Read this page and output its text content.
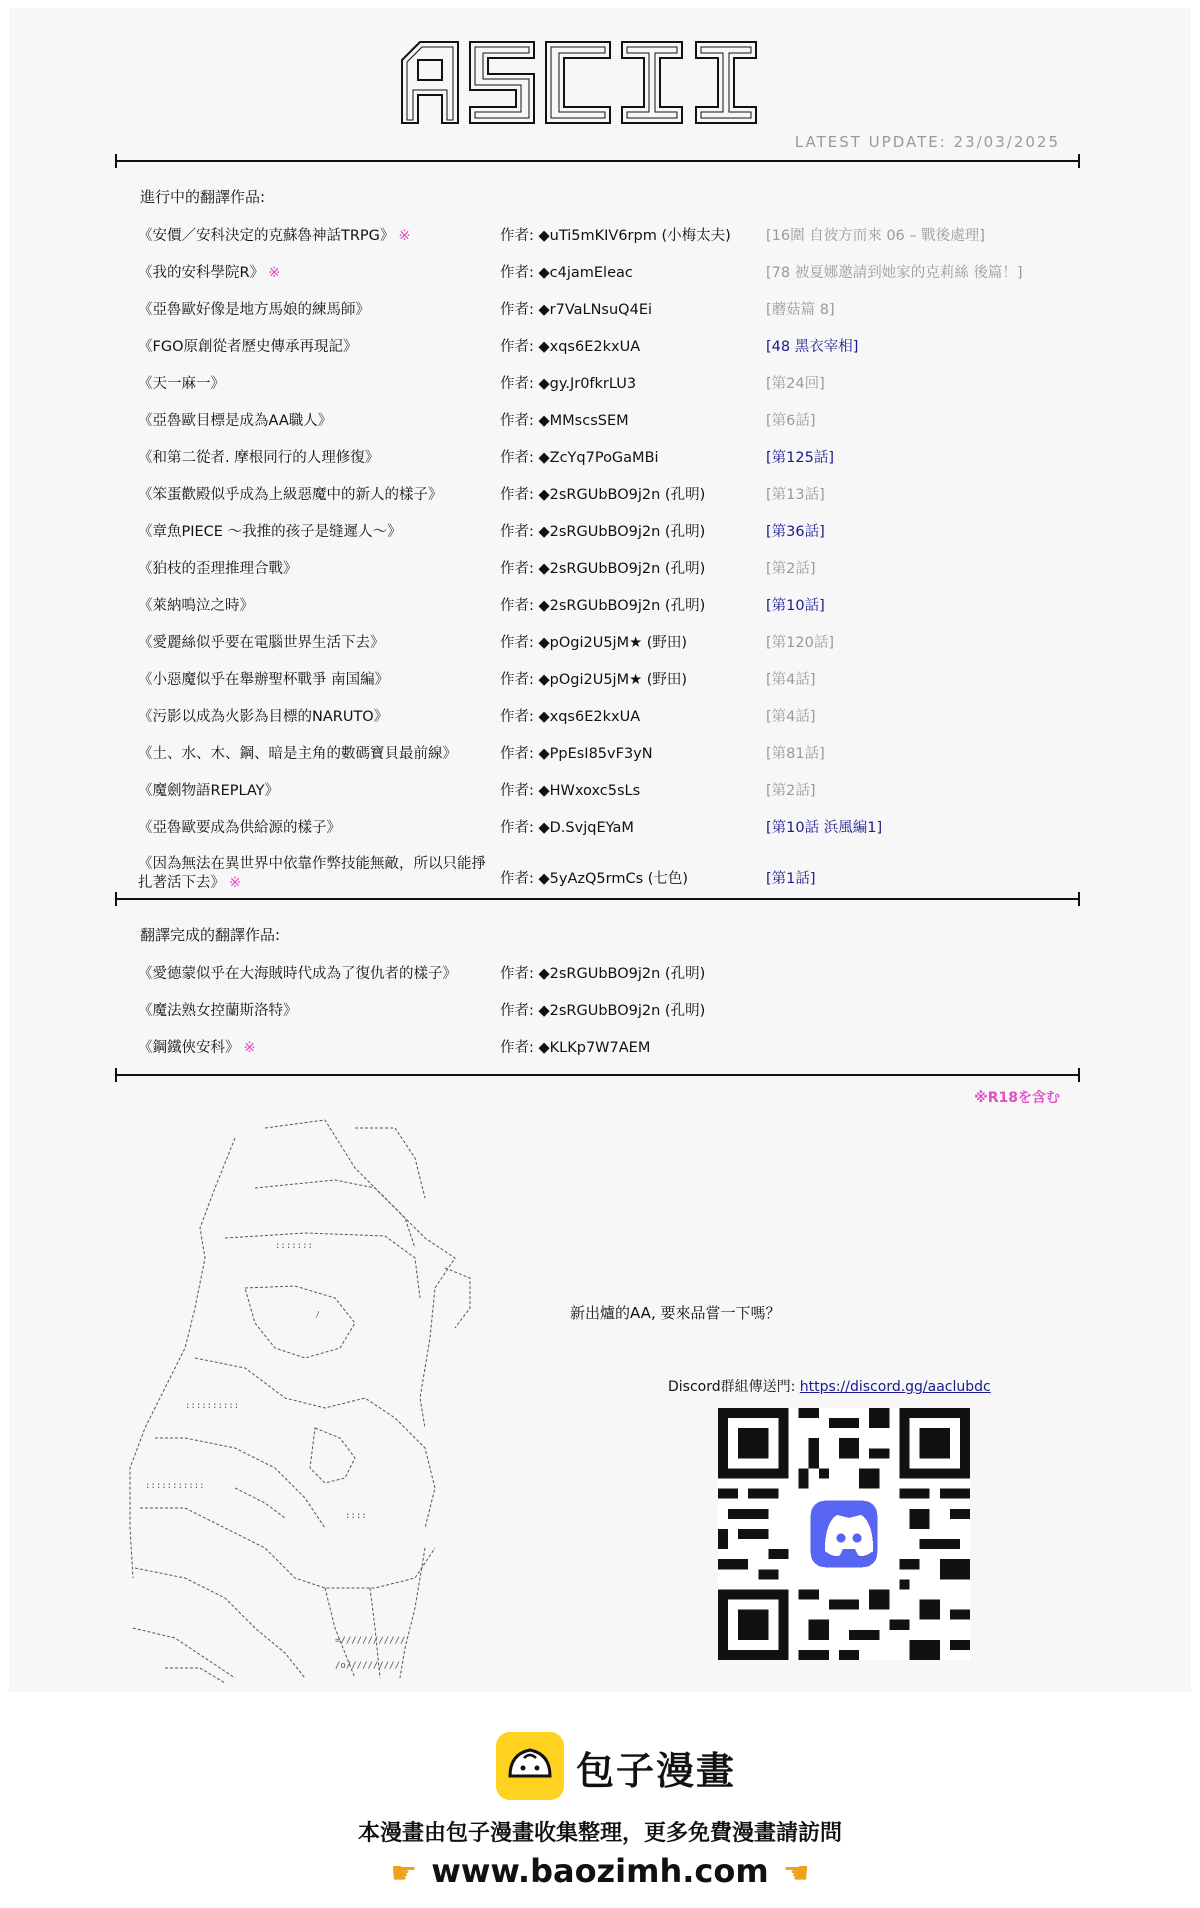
LATEST UPDATE: 23/03/2025
進行中的翻譯作品:
《安價／安科決定的克蘇魯神話TRPG》 ※	作者: ◆uTi5mKIV6rpm (小梅太夫) [16圍 自彼方而來 06 – 戰後處理]
《我的安科學院R》 ※	作者: ◆c4jamEleac	[78 被夏娜邀請到她家的克莉絲 後篇！]
《亞魯歐好像是地方馬娘的練馬師》	作者: ◆r7VaLNsuQ4Ei	[蘑菇篇 8]
《FGO原創從者歷史傳承再現記》	作者: ◆xqs6E2kxUA	[48 黑衣宰相]
《天一麻一》	作者: ◆gy.Jr0fkrLU3	[第24回]
《亞魯歐目標是成為AA職人》	作者: ◆MMscsSEM	[第6話]
《和第二從者. 摩根同行的人理修復》	作者: ◆ZcYq7PoGaMBi	[第125話]
《笨蛋歡殿似乎成為上級惡魔中的新人的樣子》	作者: ◆2sRGUbBO9j2n (孔明)	[第13話]
《章魚PIECE ～我推的孩子是缝遲人～》	作者: ◆2sRGUbBO9j2n (孔明)	[第36話]
《狛枝的歪理推理合戰》	作者: ◆2sRGUbBO9j2n (孔明)	[第2話]
《萊納鳴泣之時》	作者: ◆2sRGUbBO9j2n (孔明)	[第10話]
《愛麗絲似乎要在電腦世界生活下去》	作者: ◆pOgi2U5jM★ (野田)	[第120話]
《小惡魔似乎在舉辦聖杯戰爭 南国編》	作者: ◆pOgi2U5jM★ (野田)	[第4話]
《污影以成為火影為目標的NARUTO》	作者: ◆xqs6E2kxUA	[第4話]
《土、水、木、鋼、暗是主角的數碼寶貝最前線》	作者: ◆PpEsI85vF3yN	[第81話]
《魔劍物語REPLAY》	作者: ◆HWxoxc5sLs	[第2話]
《亞魯歐要成為供給源的樣子》	作者: ◆D.SvjqEYaM	[第10話 浜風編1]
《因為無法在異世界中依靠作弊技能無敵，所以只能掙扎著活下去》 ※	作者: ◆5yAzQ5rmCs (七色)	[第1話]
翻譯完成的翻譯作品:
《愛德蒙似乎在大海賊時代成為了復仇者的樣子》	作者: ◆2sRGUbBO9j2n (孔明)
《魔法熟女控蘭斯洛特》	作者: ◆2sRGUbBO9j2n (孔明)
《鋼鐵俠安科》 ※	作者: ◆KLKp7W7AEM
※R18を含む
:::::::
ﾉ
::::::::::
:::::::::::
::::
=////////////
/o//////////
新出爐的AA, 要來品嘗一下嗎？
Discord群組傳送門: https://discord.gg/aaclubdc
包子漫畫
本漫畫由包子漫畫收集整理，更多免費漫畫請訪問
☛ www.baozimh.com ☚
